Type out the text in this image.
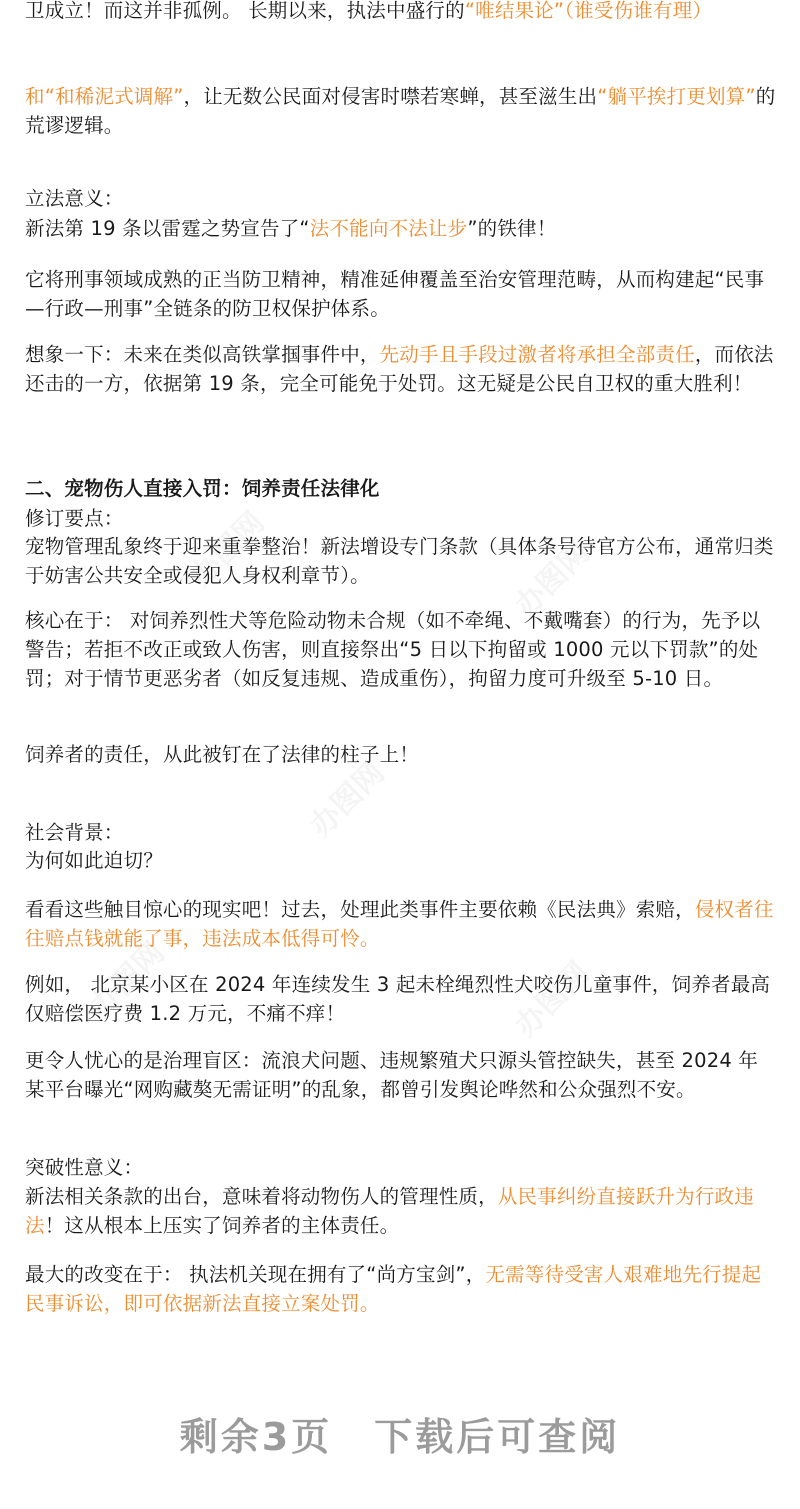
办图网	办图网
办图网
办图网	办图网

卫成立！而这并非孤例。 长期以来，执法中盛行的“唯结果论”（谁受伤谁有理）

和“和稀泥式调解”，让无数公民面对侵害时噤若寒蝉，甚至滋生出“躺平挨打更划算”的荒谬逻辑。

立法意义：

新法第 19 条以雷霆之势宣告了“法不能向不法让步”的铁律！

它将刑事领域成熟的正当防卫精神，精准延伸覆盖至治安管理范畴，从而构建起“民事—行政—刑事”全链条的防卫权保护体系。

想象一下：未来在类似高铁掌掴事件中，先动手且手段过激者将承担全部责任，而依法还击的一方，依据第 19 条，完全可能免于处罚。这无疑是公民自卫权的重大胜利！

二、宠物伤人直接入罚：饲养责任法律化

修订要点：

宠物管理乱象终于迎来重拳整治！新法增设专门条款（具体条号待官方公布，通常归类于妨害公共安全或侵犯人身权利章节）。

核心在于： 对饲养烈性犬等危险动物未合规（如不牵绳、不戴嘴套）的行为，先予以警告；若拒不改正或致人伤害，则直接祭出“5 日以下拘留或 1000 元以下罚款”的处罚；对于情节更恶劣者（如反复违规、造成重伤），拘留力度可升级至 5-10 日。

饲养者的责任，从此被钉在了法律的柱子上！

社会背景：

为何如此迫切？

看看这些触目惊心的现实吧！过去，处理此类事件主要依赖《民法典》索赔，侵权者往往赔点钱就能了事，违法成本低得可怜。

例如， 北京某小区在 2024 年连续发生 3 起未栓绳烈性犬咬伤儿童事件，饲养者最高仅赔偿医疗费 1.2 万元，不痛不痒！

更令人忧心的是治理盲区：流浪犬问题、违规繁殖犬只源头管控缺失，甚至 2024 年某平台曝光“网购藏獒无需证明”的乱象，都曾引发舆论哗然和公众强烈不安。

突破性意义：

新法相关条款的出台，意味着将动物伤人的管理性质，从民事纠纷直接跃升为行政违法！这从根本上压实了饲养者的主体责任。

最大的改变在于： 执法机关现在拥有了“尚方宝剑”，无需等待受害人艰难地先行提起民事诉讼，即可依据新法直接立案处罚。

剩余3页 下载后可查阅
